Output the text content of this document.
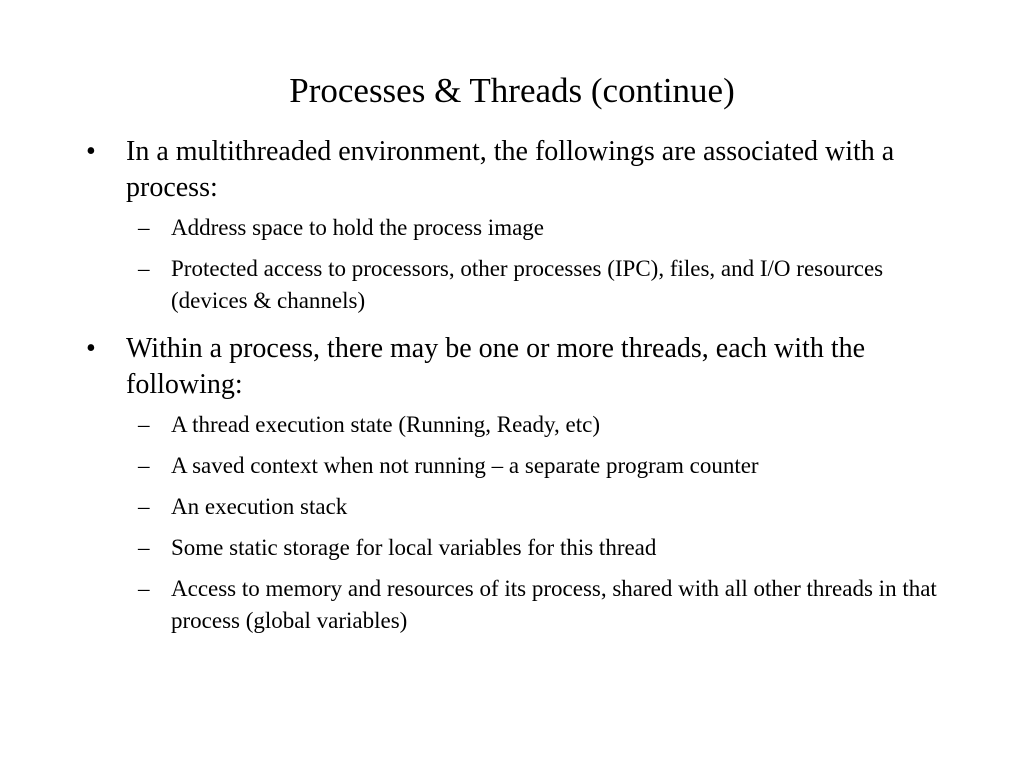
Processes & Threads (continue)
•	In a multithreaded environment, the followings are associated with a process:
– Address space to hold the process image
– Protected access to processors, other processes (IPC), files, and I/O resources (devices & channels)
•	Within a process, there may be one or more threads, each with the following:
– A thread execution state (Running, Ready, etc)
– A saved context when not running – a separate program counter
– An execution stack
– Some static storage for local variables for this thread
– Access to memory and resources of its process, shared with all other threads in that process (global variables)
